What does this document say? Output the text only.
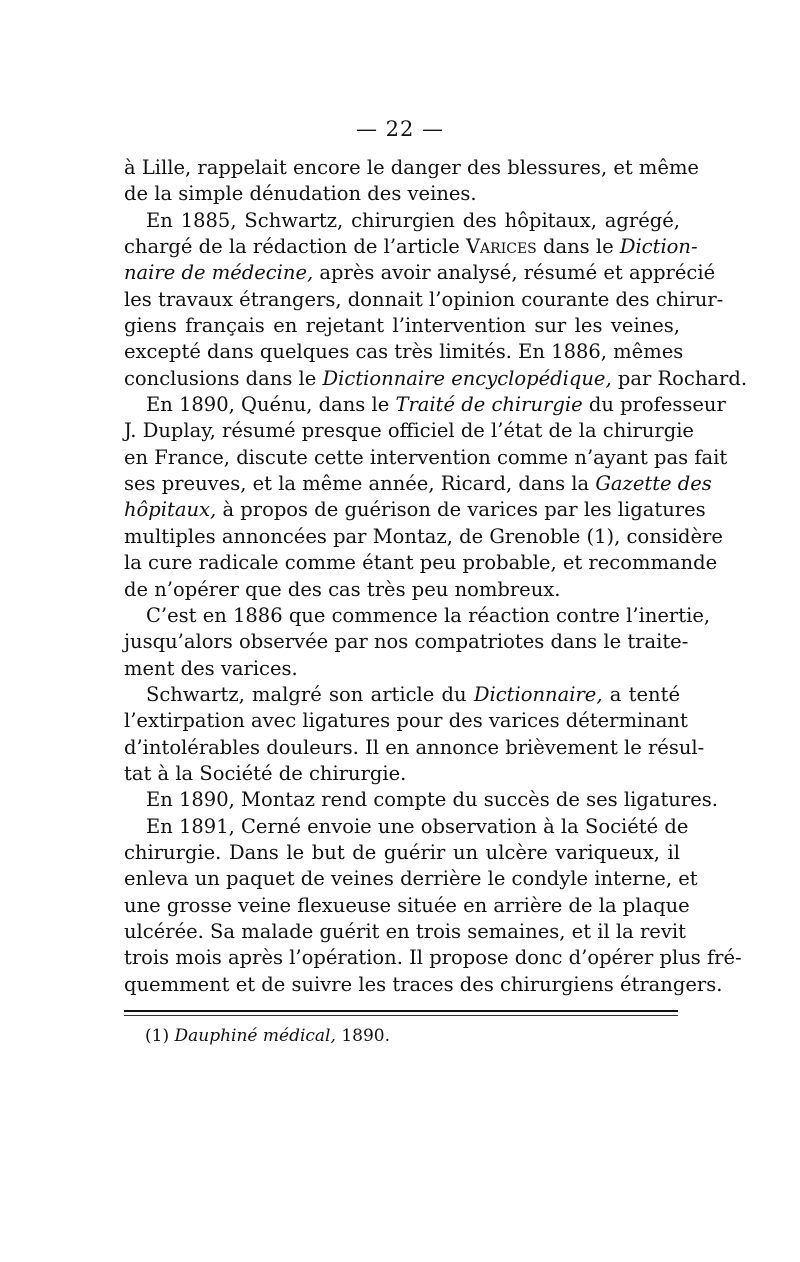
— 22 —
à Lille, rappelait encore le danger des blessures, et même
de la simple dénudation des veines.
En 1885, Schwartz, chirurgien des hôpitaux, agrégé,
chargé de la rédaction de l’article Varices dans le Diction-
naire de médecine, après avoir analysé, résumé et apprécié
les travaux étrangers, donnait l’opinion courante des chirur-
giens français en rejetant l’intervention sur les veines,
excepté dans quelques cas très limités. En 1886, mêmes
conclusions dans le Dictionnaire encyclopédique, par Rochard.
En 1890, Quénu, dans le Traité de chirurgie du professeur
J. Duplay, résumé presque officiel de l’état de la chirurgie
en France, discute cette intervention comme n’ayant pas fait
ses preuves, et la même année, Ricard, dans la Gazette des
hôpitaux, à propos de guérison de varices par les ligatures
multiples annoncées par Montaz, de Grenoble (1), considère
la cure radicale comme étant peu probable, et recommande
de n’opérer que des cas très peu nombreux.
C’est en 1886 que commence la réaction contre l’inertie,
jusqu’alors observée par nos compatriotes dans le traite-
ment des varices.
Schwartz, malgré son article du Dictionnaire, a tenté
l’extirpation avec ligatures pour des varices déterminant
d’intolérables douleurs. Il en annonce brièvement le résul-
tat à la Société de chirurgie.
En 1890, Montaz rend compte du succès de ses ligatures.
En 1891, Cerné envoie une observation à la Société de
chirurgie. Dans le but de guérir un ulcère variqueux, il
enleva un paquet de veines derrière le condyle interne, et
une grosse veine flexueuse située en arrière de la plaque
ulcérée. Sa malade guérit en trois semaines, et il la revit
trois mois après l’opération. Il propose donc d’opérer plus fré-
quemment et de suivre les traces des chirurgiens étrangers.
(1) Dauphiné médical, 1890.
